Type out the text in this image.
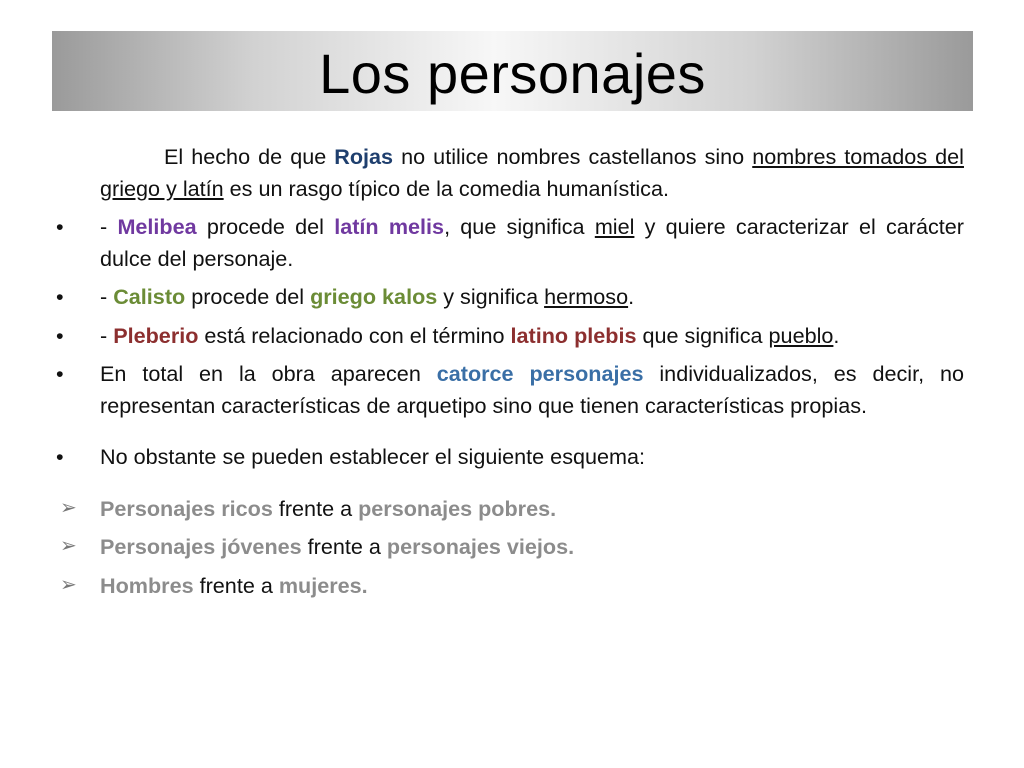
Los personajes

El hecho de que Rojas no utilice nombres castellanos sino nombres tomados del griego y latín es un rasgo típico de la comedia humanística.

•	- Melibea procede del latín melis, que significa miel y quiere caracterizar el carácter dulce del personaje.

•	- Calisto procede del griego kalos y significa hermoso.

•	- Pleberio está relacionado con el término latino plebis que significa pueblo.

•	En total en la obra aparecen catorce personajes individualizados, es decir, no representan características de arquetipo sino que tienen características propias.

•	No obstante se pueden establecer el siguiente esquema:

➢	Personajes ricos frente a personajes pobres.

➢	Personajes jóvenes frente a personajes viejos.

➢	Hombres frente a mujeres.
